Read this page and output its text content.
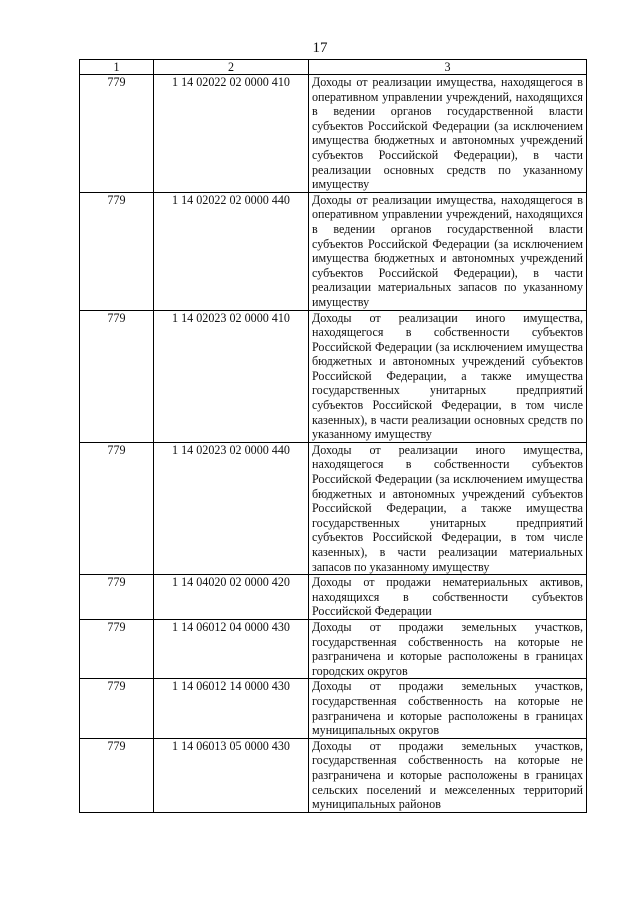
17
1	2	3
779	1 14 02022 02 0000 410	Доходы от реализации имущества, находящегося в оперативном управлении учреждений, находящихся в ведении органов государственной власти субъектов Российской Федерации (за исключением имущества бюджетных и автономных учреждений субъектов Российской Федерации), в части реализации основных средств по указанному имуществу
779	1 14 02022 02 0000 440	Доходы от реализации имущества, находящегося в оперативном управлении учреждений, находящихся в ведении органов государственной власти субъектов Российской Федерации (за исключением имущества бюджетных и автономных учреждений субъектов Российской Федерации), в части реализации материальных запасов по указанному имуществу
779	1 14 02023 02 0000 410	Доходы от реализации иного имущества, находящегося в собственности субъектов Российской Федерации (за исключением имущества бюджетных и автономных учреждений субъектов Российской Федерации, а также имущества государственных унитарных предприятий субъектов Российской Федерации, в том числе казенных), в части реализации основных средств по указанному имуществу
779	1 14 02023 02 0000 440	Доходы от реализации иного имущества, находящегося в собственности субъектов Российской Федерации (за исключением имущества бюджетных и автономных учреждений субъектов Российской Федерации, а также имущества государственных унитарных предприятий субъектов Российской Федерации, в том числе казенных), в части реализации материальных запасов по указанному имуществу
779	1 14 04020 02 0000 420	Доходы от продажи нематериальных активов, находящихся в собственности субъектов Российской Федерации
779	1 14 06012 04 0000 430	Доходы от продажи земельных участков, государственная собственность на которые не разграничена и которые расположены в границах городских округов
779	1 14 06012 14 0000 430	Доходы от продажи земельных участков, государственная собственность на которые не разграничена и которые расположены в границах муниципальных округов
779	1 14 06013 05 0000 430	Доходы от продажи земельных участков, государственная собственность на которые не разграничена и которые расположены в границах сельских поселений и межселенных территорий муниципальных районов
